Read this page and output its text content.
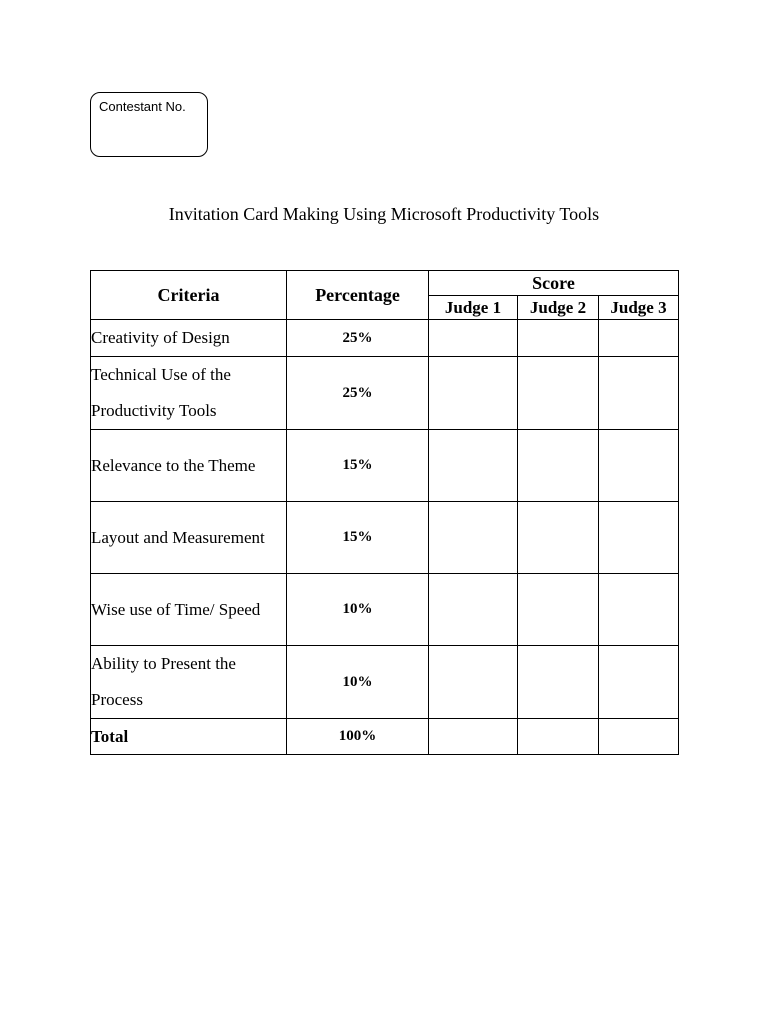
Contestant No.
Invitation Card Making Using Microsoft Productivity Tools
Criteria	Percentage	Score		
		Judge 1	Judge 2	Judge 3

Creativity of Design	25%			

Technical Use of the Productivity Tools	25%			

Relevance to the Theme	15%			

Layout and Measurement	15%			

Wise use of Time/ Speed	10%			

Ability to Present the Process	10%			
Total	100%			
